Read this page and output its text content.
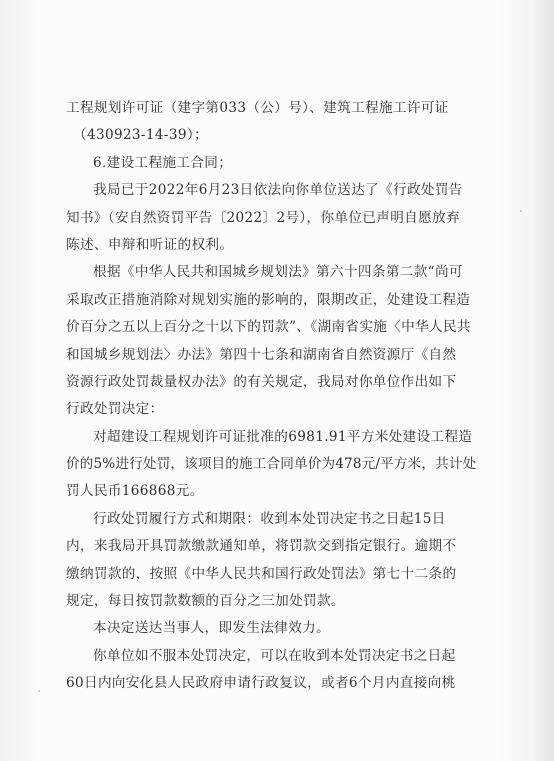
工程规划许可证（建字第033（公）号）、建筑工程施工许可证
（430923-14-39）；
6.建设工程施工合同；
我局已于2022年6月23日依法向你单位送达了《行政处罚告
知书》（安自然资罚平告〔2022〕2号），你单位已声明自愿放弃
陈述、申辩和听证的权利。
根据《中华人民共和国城乡规划法》第六十四条第二款“尚可
采取改正措施消除对规划实施的影响的，限期改正，处建设工程造
价百分之五以上百分之十以下的罚款”、《湖南省实施〈中华人民共
和国城乡规划法〉办法》第四十七条和湖南省自然资源厅《自然
资源行政处罚裁量权办法》的有关规定，我局对你单位作出如下
行政处罚决定：
对超建设工程规划许可证批准的6981.91平方米处建设工程造
价的5%进行处罚，该项目的施工合同单价为478元/平方米，共计处
罚人民币166868元。
行政处罚履行方式和期限：收到本处罚决定书之日起15日
内，来我局开具罚款缴款通知单，将罚款交到指定银行。逾期不
缴纳罚款的，按照《中华人民共和国行政处罚法》第七十二条的
规定，每日按罚款数额的百分之三加处罚款。
本决定送达当事人，即发生法律效力。
你单位如不服本处罚决定，可以在收到本处罚决定书之日起
60日内向安化县人民政府申请行政复议，或者6个月内直接向桃
